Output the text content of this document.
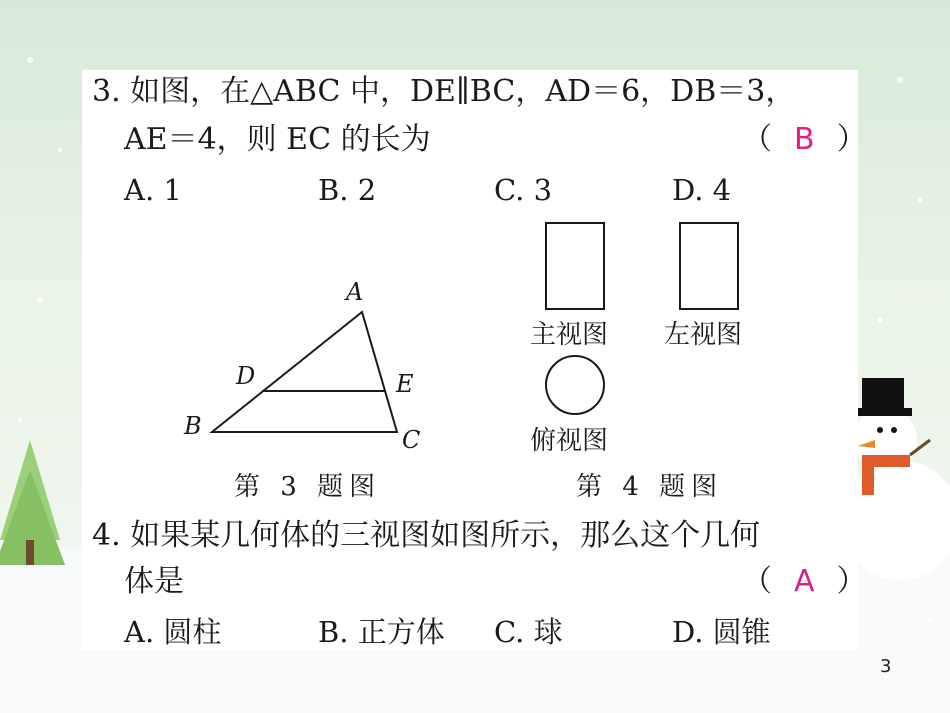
3. 如图，在△ABC 中，DE∥BC，AD＝6，DB＝3，
AE＝4，则 EC 的长为	（ B ）
A. 1	B. 2	C. 3	D. 4
A
D	E
B	C
第 3 题图
主视图 左视图
俯视图
第 4 题图
4. 如果某几何体的三视图如图所示，那么这个几何
体是	（ A ）
A. 圆柱	B. 正方体 C. 球	D. 圆锥
3
